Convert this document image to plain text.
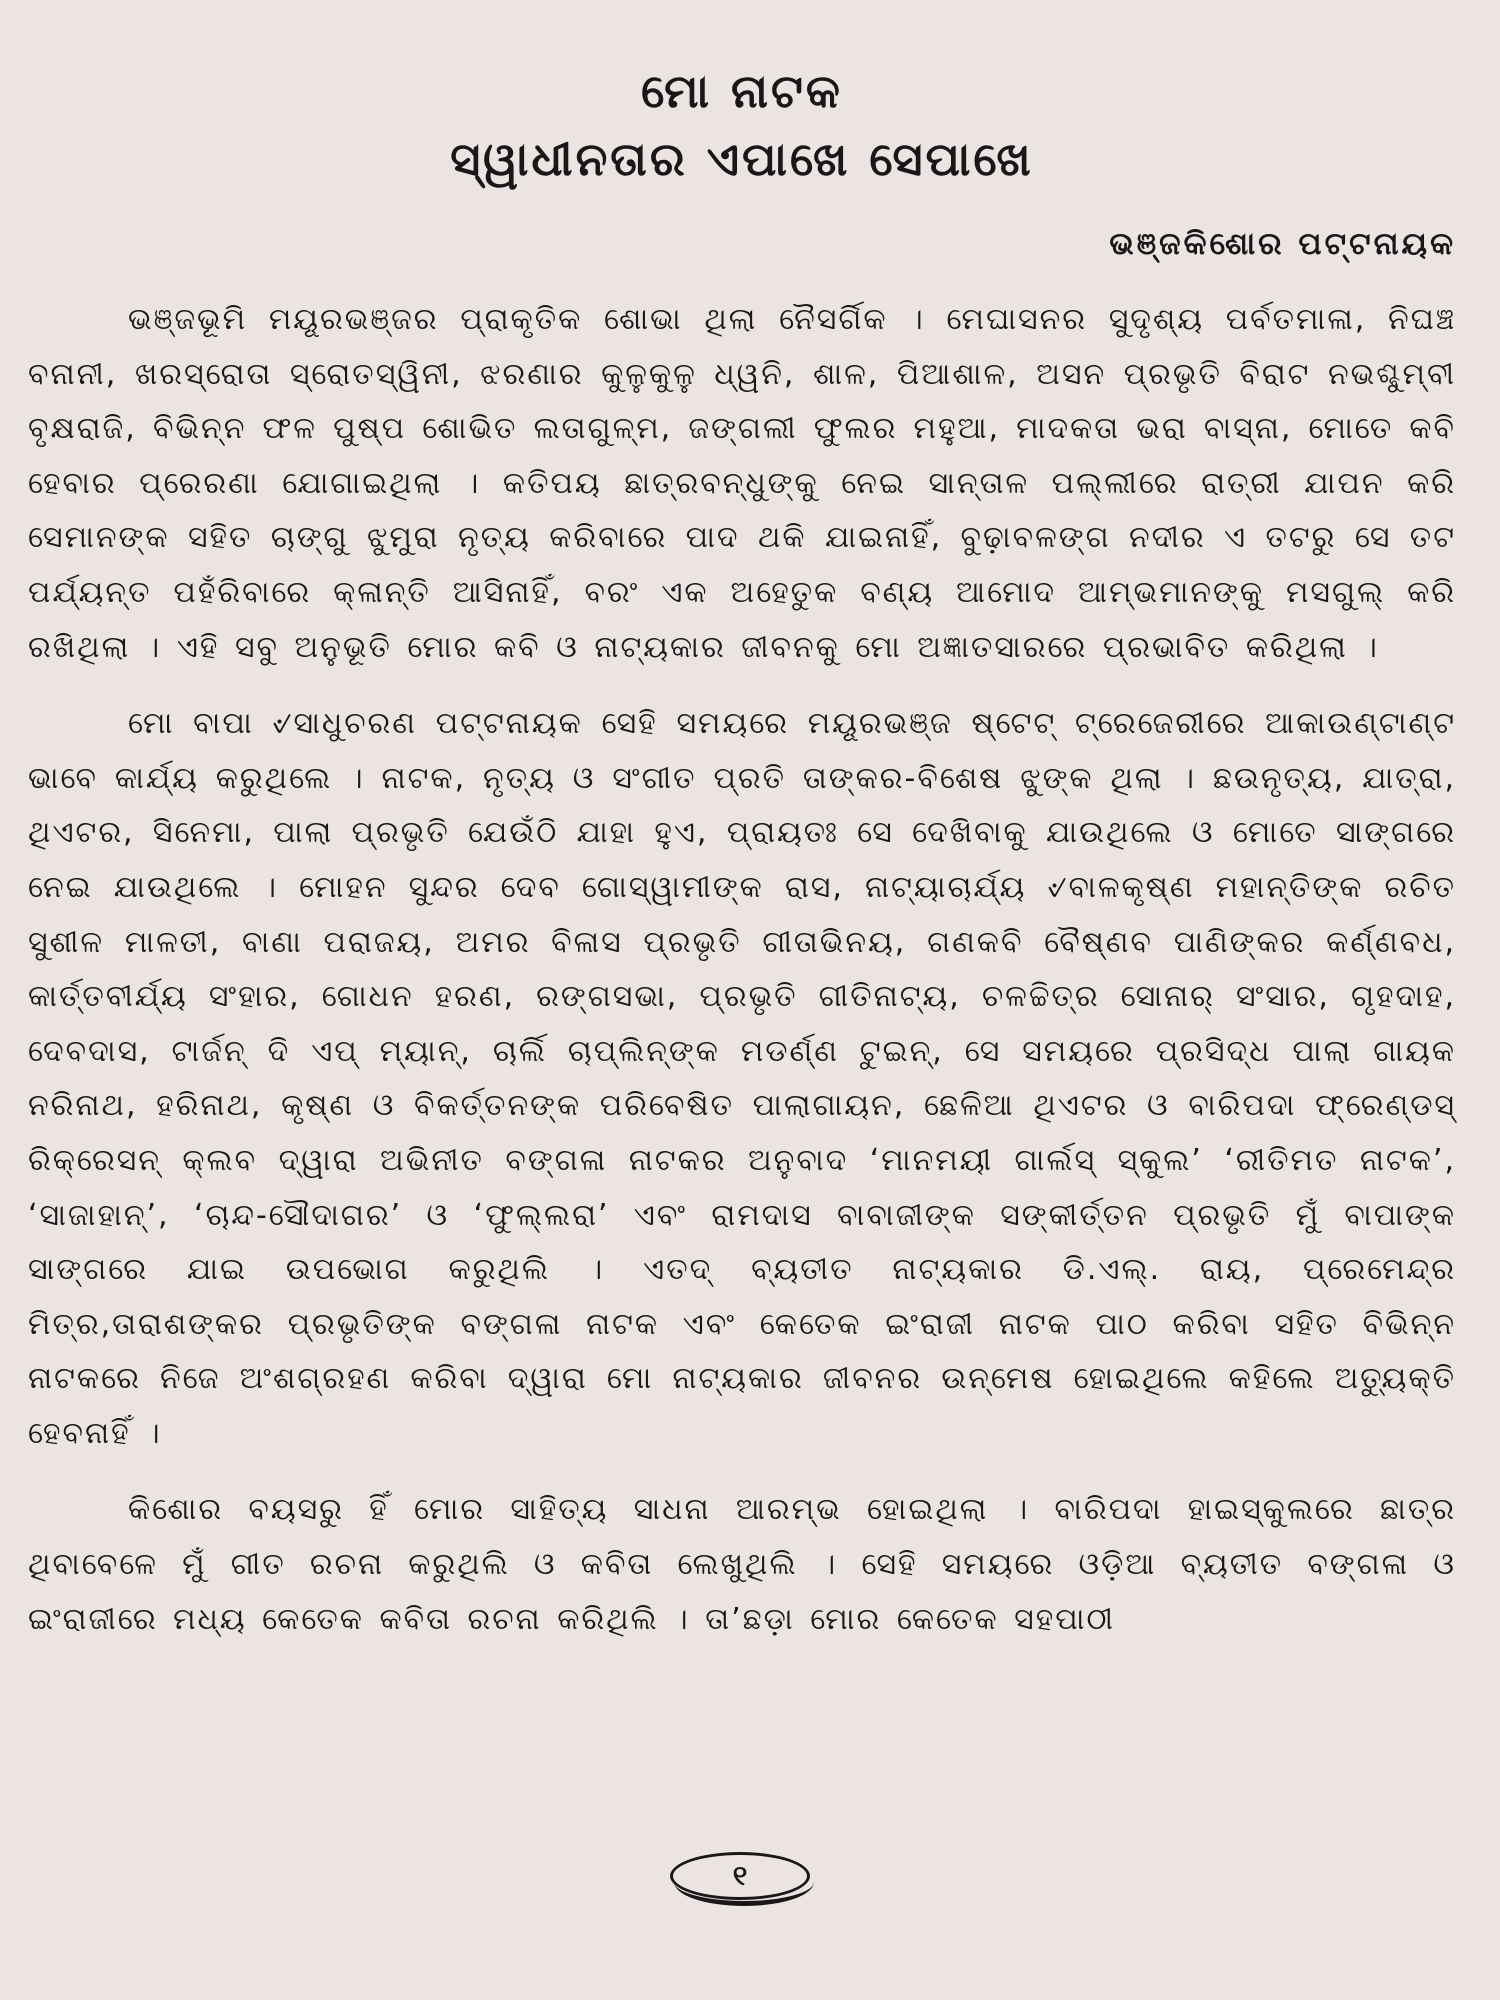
ମୋ ନାଟକ
ସ୍ୱାଧୀନତାର ଏପାଖେ ସେପାଖେ
ଭଞ୍ଜକିଶୋର ପଟ୍ଟନାୟକ

ଭଞ୍ଜଭୂମି ମୟୂରଭଞ୍ଜର ପ୍ରାକୃତିକ ଶୋଭା ଥିଲା ନୈସର୍ଗିକ । ମେଘାସନର ସୁଦୃଶ୍ୟ ପର୍ବତମାଳା, ନିଘଞ୍ଚ ବନାନୀ, ଖରସ୍ରୋତା ସ୍ରୋତସ୍ୱିନୀ, ଝରଣାର କୁଳୁକୁଳୁ ଧ୍ୱନି, ଶାଳ, ପିଆଶାଳ, ଅସନ ପ୍ରଭୃତି ବିରାଟ ନଭଶ୍ଚୁମ୍ବୀ ବୃକ୍ଷରାଜି, ବିଭିନ୍ନ ଫଳ ପୁଷ୍ପ ଶୋଭିତ ଲତାଗୁଳ୍ମ, ଜଙ୍ଗଲୀ ଫୁଲର ମହୁଆ, ମାଦକତା ଭରା ବାସ୍ନା, ମୋତେ କବି ହେବାର ପ୍ରେରଣା ଯୋଗାଇଥିଲା । କତିପୟ ଛାତ୍ରବନ୍ଧୁଙ୍କୁ ନେଇ ସାନ୍ତାଳ ପଲ୍ଲୀରେ ରାତ୍ରୀ ଯାପନ କରି ସେମାନଙ୍କ ସହିତ ଚାଙ୍ଗୁ ଝୁମୁରା ନୃତ୍ୟ କରିବାରେ ପାଦ ଥକି ଯାଇନାହିଁ, ବୁଢ଼ାବଳଙ୍ଗ ନଦୀର ଏ ତଟରୁ ସେ ତଟ ପର୍ଯ୍ୟନ୍ତ ପହଁରିବାରେ କ୍ଳାନ୍ତି ଆସିନାହିଁ, ବରଂ ଏକ ଅହେତୁକ ବଣ୍ୟ ଆମୋଦ ଆମ୍ଭମାନଙ୍କୁ ମସଗୁଲ୍ କରି ରଖିଥିଲା । ଏହି ସବୁ ଅନୁଭୂତି ମୋର କବି ଓ ନାଟ୍ୟକାର ଜୀବନକୁ ମୋ ଅଜ୍ଞାତସାରରେ ପ୍ରଭାବିତ କରିଥିଲା ।

ମୋ ବାପା ୰ସାଧୁଚରଣ ପଟ୍ଟନାୟକ ସେହି ସମୟରେ ମୟୂରଭଞ୍ଜ ଷ୍ଟେଟ୍ ଟ୍ରେଜେରୀରେ ଆକାଉଣ୍ଟାଣ୍ଟ ଭାବେ କାର୍ଯ୍ୟ କରୁଥିଲେ । ନାଟକ, ନୃତ୍ୟ ଓ ସଂଗୀତ ପ୍ରତି ତାଙ୍କର-ବିଶେଷ ଝୁଙ୍କ ଥିଲା । ଛଉନୃତ୍ୟ, ଯାତ୍ରା, ଥିଏଟର, ସିନେମା, ପାଲା ପ୍ରଭୃତି ଯେଉଁଠି ଯାହା ହୁଏ, ପ୍ରାୟତଃ ସେ ଦେଖିବାକୁ ଯାଉଥିଲେ ଓ ମୋତେ ସାଙ୍ଗରେ ନେଇ ଯାଉଥିଲେ । ମୋହନ ସୁନ୍ଦର ଦେବ ଗୋସ୍ୱାମୀଙ୍କ ରାସ, ନାଟ୍ୟାଚାର୍ଯ୍ୟ ୰ବାଳକୃଷ୍ଣ ମହାନ୍ତିଙ୍କ ରଚିତ ସୁଶୀଳ ମାଳତୀ, ବାଣା ପରାଜୟ, ଅମର ବିଳାସ ପ୍ରଭୃତି ଗୀତାଭିନୟ, ଗଣକବି ବୈଷ୍ଣବ ପାଣିଙ୍କର କର୍ଣ୍ଣବଧ, କାର୍ତ୍ତବୀର୍ଯ୍ୟ ସଂହାର, ଗୋଧନ ହରଣ, ରଙ୍ଗସଭା, ପ୍ରଭୃତି ଗୀତିନାଟ୍ୟ, ଚଳଚ୍ଚିତ୍ର ସୋନାର୍ ସଂସାର, ଗୃହଦାହ, ଦେବଦାସ, ଟାର୍ଜନ୍ ଦି ଏପ୍ ମ୍ୟାନ୍, ଚାର୍ଲି ଚାପ୍ଲିନ୍ଙ୍କ ମଡର୍ଣ୍ଣ ଟୁଇନ୍, ସେ ସମୟରେ ପ୍ରସିଦ୍ଧ ପାଲା ଗାୟକ ନରିନାଥ, ହରିନାଥ, କୃଷ୍ଣ ଓ ବିକର୍ତ୍ତନଙ୍କ ପରିବେଷିତ ପାଲାଗାୟନ, ଛେଳିଆ ଥିଏଟର ଓ ବାରିପଦା ଫ୍ରେଣ୍ଡସ୍ ରିକ୍ରେସନ୍ କ୍ଲବ ଦ୍ୱାରା ଅଭିନୀତ ବଙ୍ଗଳା ନାଟକର ଅନୁବାଦ ‘ମାନମୟୀ ଗାର୍ଲସ୍ ସ୍କୁଲ’ ‘ରୀତିମତ ନାଟକ’, ‘ସାଜାହାନ୍’, ‘ଚାନ୍ଦ-ସୌଦାଗର’ ଓ ‘ଫୁଲ୍ଲରା’ ଏବଂ ରାମଦାସ ବାବାଜୀଙ୍କ ସଙ୍କୀର୍ତ୍ତନ ପ୍ରଭୃତି ମୁଁ ବାପାଙ୍କ ସାଙ୍ଗରେ ଯାଇ ଉପଭୋଗ କରୁଥିଲି । ଏତଦ୍ ବ୍ୟତୀତ ନାଟ୍ୟକାର ଡି.ଏଲ୍. ରାୟ, ପ୍ରେମେନ୍ଦ୍ର ମିତ୍ର,ତାରାଶଙ୍କର ପ୍ରଭୃତିଙ୍କ ବଙ୍ଗଳା ନାଟକ ଏବଂ କେତେକ ଇଂରାଜୀ ନାଟକ ପାଠ କରିବା ସହିତ ବିଭିନ୍ନ ନାଟକରେ ନିଜେ ଅଂଶଗ୍ରହଣ କରିବା ଦ୍ୱାରା ମୋ ନାଟ୍ୟକାର ଜୀବନର ଉନ୍ମେଷ ହୋଇଥିଲେ କହିଲେ ଅତ୍ୟୁକ୍ତି ହେବନାହିଁ ।

କିଶୋର ବୟସରୁ ହିଁ ମୋର ସାହିତ୍ୟ ସାଧନା ଆରମ୍ଭ ହୋଇଥିଲା । ବାରିପଦା ହାଇସ୍କୁଲରେ ଛାତ୍ର ଥିବାବେଳେ ମୁଁ ଗୀତ ରଚନା କରୁଥିଲି ଓ କବିତା ଲେଖୁଥିଲି । ସେହି ସମୟରେ ଓଡ଼ିଆ ବ୍ୟତୀତ ବଙ୍ଗଳା ଓ ଇଂରାଜୀରେ ମଧ୍ୟ କେତେକ କବିତା ରଚନା କରିଥିଲି । ତା’ଛଡ଼ା ମୋର କେତେକ ସହପାଠୀ

୧
